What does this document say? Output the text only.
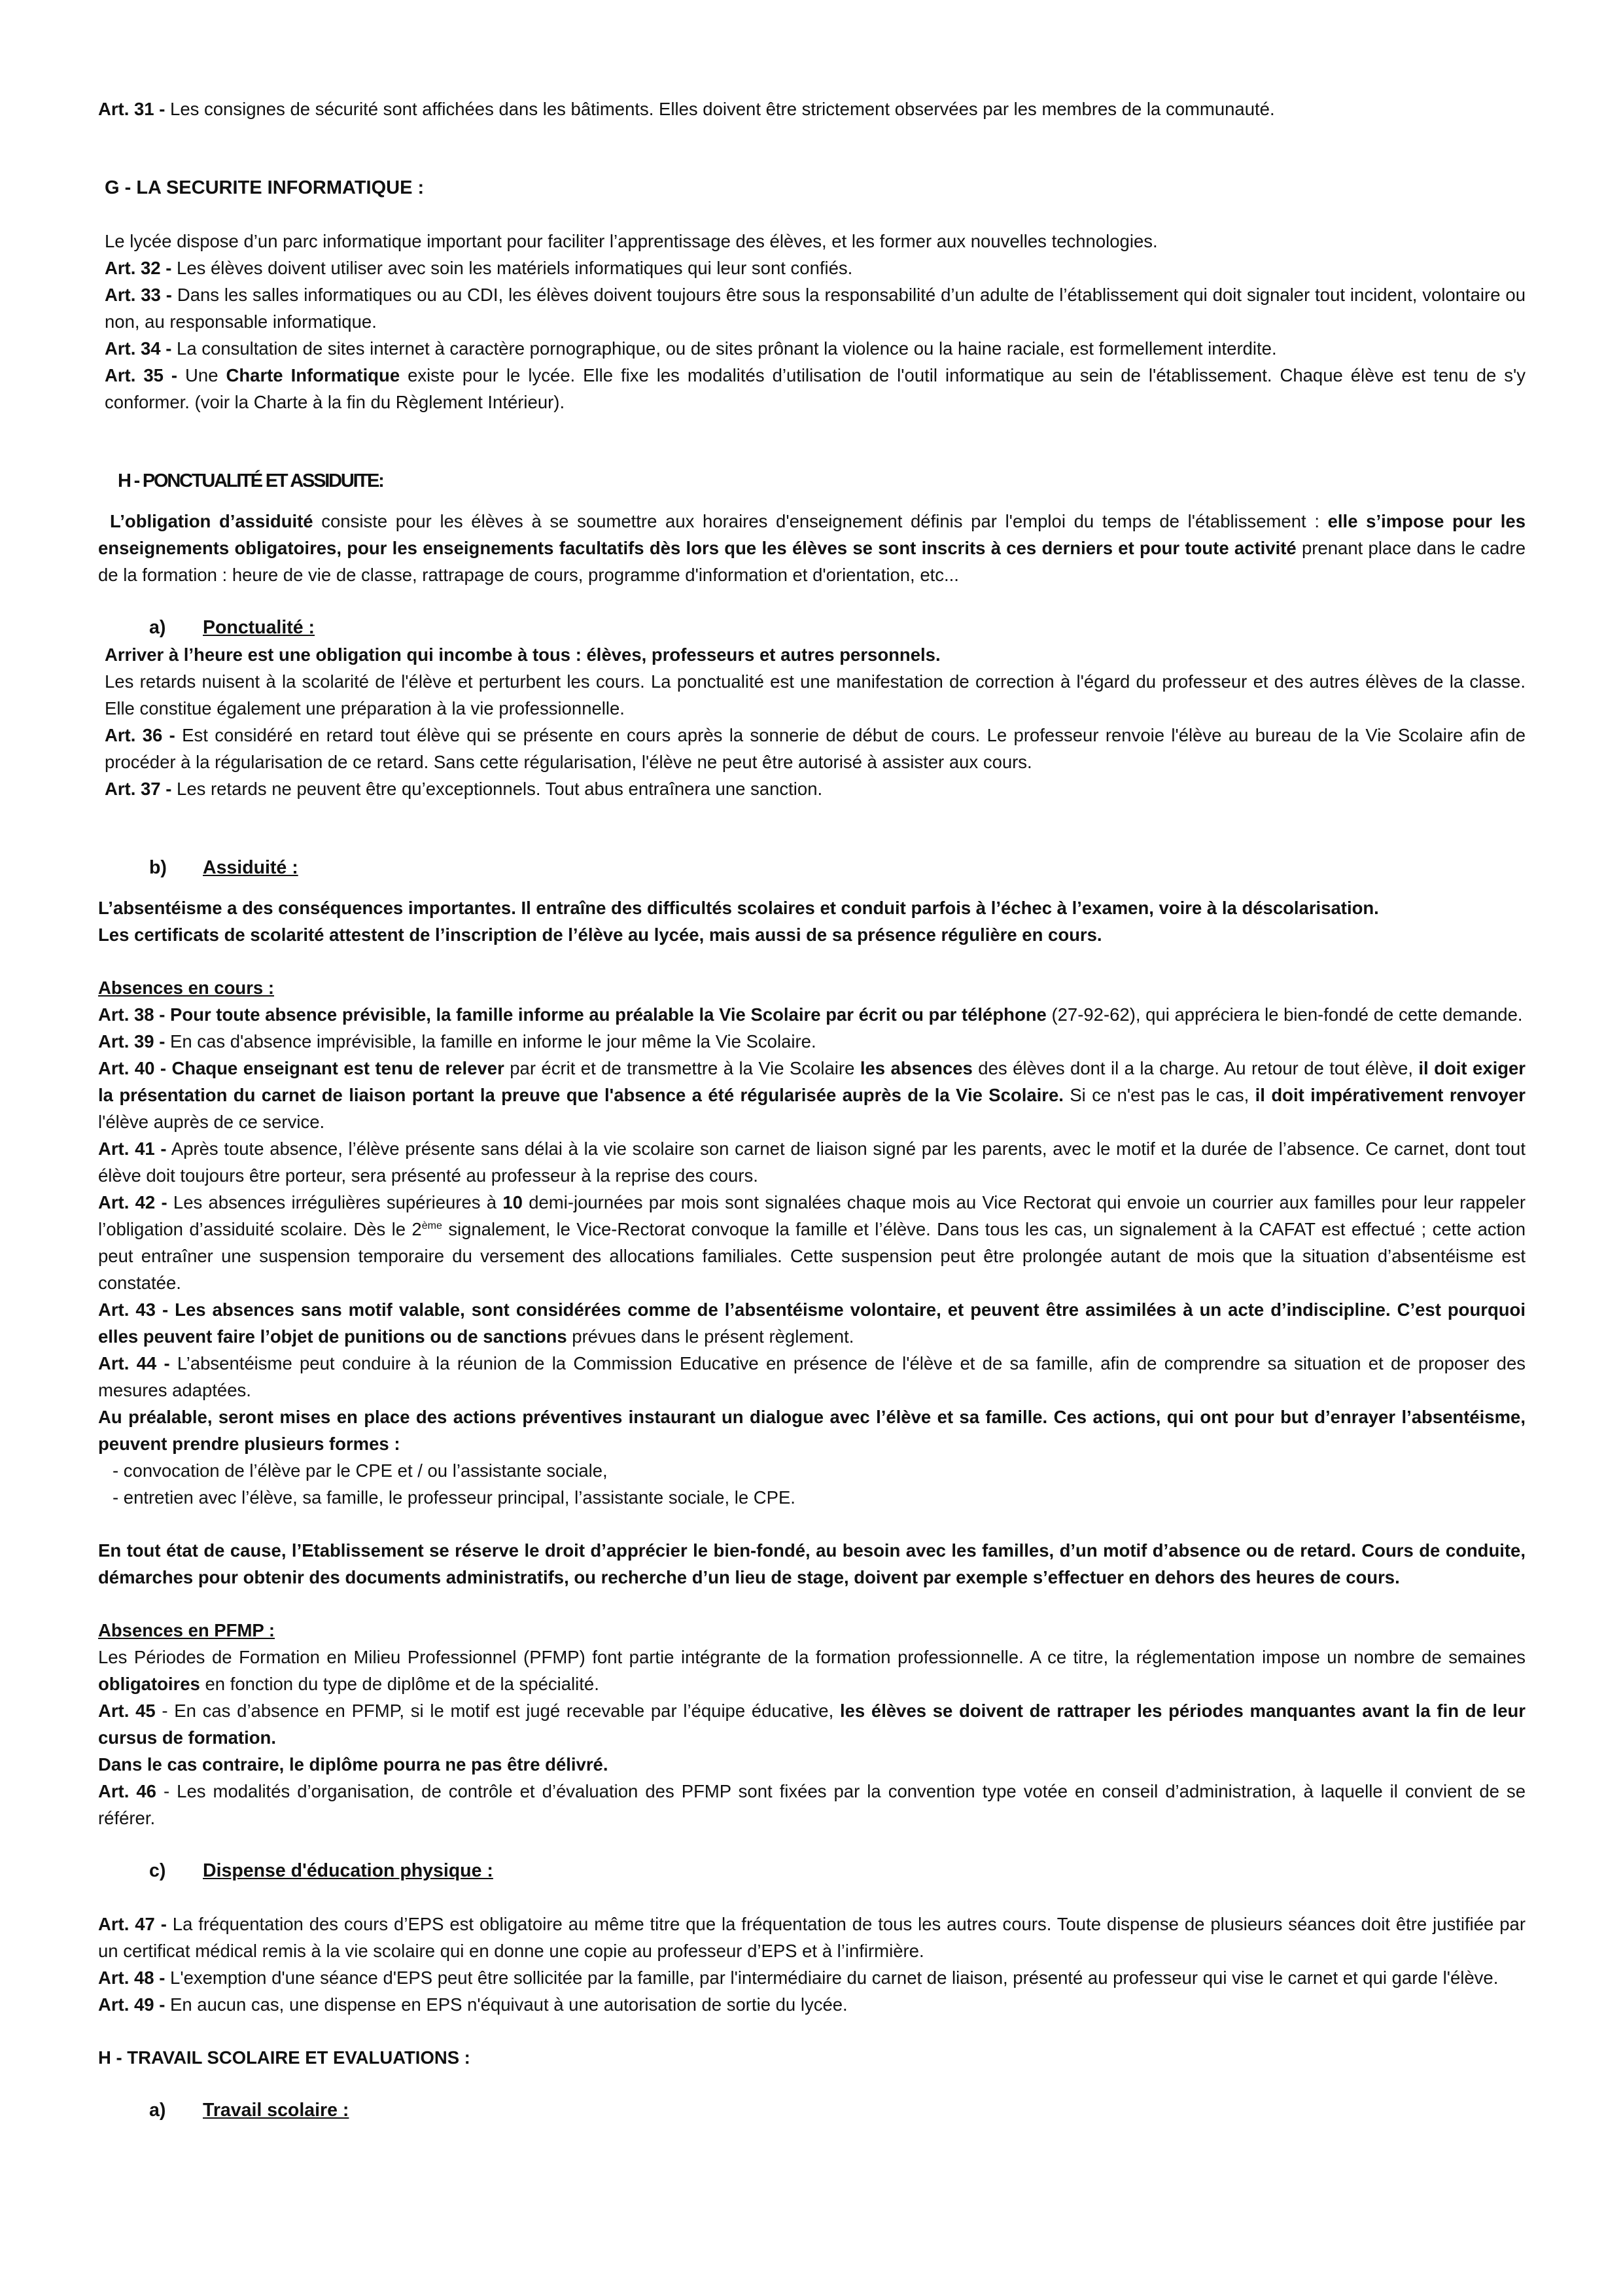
Art. 31 - Les consignes de sécurité sont affichées dans les bâtiments. Elles doivent être strictement observées par les membres de la communauté.

G - LA SECURITE INFORMATIQUE :

Le lycée dispose d’un parc informatique important pour faciliter l’apprentissage des élèves, et les former aux nouvelles technologies.

Art. 32 - Les élèves doivent utiliser avec soin les matériels informatiques qui leur sont confiés.

Art. 33 - Dans les salles informatiques ou au CDI, les élèves doivent toujours être sous la responsabilité d’un adulte de l’établissement qui doit signaler tout incident, volontaire ou non, au responsable informatique.

Art. 34 - La consultation de sites internet à caractère pornographique, ou de sites prônant la violence ou la haine raciale, est formellement interdite.

Art. 35 - Une Charte Informatique existe pour le lycée. Elle fixe les modalités d’utilisation de l'outil informatique au sein de l'établissement. Chaque élève est tenu de s'y conformer. (voir la Charte à la fin du Règlement Intérieur).

H - PONCTUALITÉ ET ASSIDUITE:

L’obligation d’assiduité consiste pour les élèves à se soumettre aux horaires d'enseignement définis par l'emploi du temps de l'établissement : elle s’impose pour les enseignements obligatoires, pour les enseignements facultatifs dès lors que les élèves se sont inscrits à ces derniers et pour toute activité prenant place dans le cadre de la formation : heure de vie de classe, rattrapage de cours, programme d'information et d'orientation, etc...

a) Ponctualité :

Arriver à l’heure est une obligation qui incombe à tous : élèves, professeurs et autres personnels.

Les retards nuisent à la scolarité de l'élève et perturbent les cours. La ponctualité est une manifestation de correction à l'égard du professeur et des autres élèves de la classe. Elle constitue également une préparation à la vie professionnelle.

Art. 36 - Est considéré en retard tout élève qui se présente en cours après la sonnerie de début de cours. Le professeur renvoie l'élève au bureau de la Vie Scolaire afin de procéder à la régularisation de ce retard. Sans cette régularisation, l'élève ne peut être autorisé à assister aux cours.

Art. 37 - Les retards ne peuvent être qu’exceptionnels. Tout abus entraînera une sanction.

b) Assiduité :

L’absentéisme a des conséquences importantes. Il entraîne des difficultés scolaires et conduit parfois à l’échec à l’examen, voire à la déscolarisation.

Les certificats de scolarité attestent de l’inscription de l’élève au lycée, mais aussi de sa présence régulière en cours.

Absences en cours :

Art. 38 - Pour toute absence prévisible, la famille informe au préalable la Vie Scolaire par écrit ou par téléphone (27-92-62), qui appréciera le bien-fondé de cette demande.

Art. 39 - En cas d'absence imprévisible, la famille en informe le jour même la Vie Scolaire.

Art. 40 - Chaque enseignant est tenu de relever par écrit et de transmettre à la Vie Scolaire les absences des élèves dont il a la charge. Au retour de tout élève, il doit exiger la présentation du carnet de liaison portant la preuve que l'absence a été régularisée auprès de la Vie Scolaire. Si ce n'est pas le cas, il doit impérativement renvoyer l'élève auprès de ce service.

Art. 41 - Après toute absence, l’élève présente sans délai à la vie scolaire son carnet de liaison signé par les parents, avec le motif et la durée de l’absence. Ce carnet, dont tout élève doit toujours être porteur, sera présenté au professeur à la reprise des cours.

Art. 42 - Les absences irrégulières supérieures à 10 demi-journées par mois sont signalées chaque mois au Vice Rectorat qui envoie un courrier aux familles pour leur rappeler l’obligation d’assiduité scolaire. Dès le 2ème signalement, le Vice-Rectorat convoque la famille et l’élève. Dans tous les cas, un signalement à la CAFAT est effectué ; cette action peut entraîner une suspension temporaire du versement des allocations familiales. Cette suspension peut être prolongée autant de mois que la situation d’absentéisme est constatée.

Art. 43 - Les absences sans motif valable, sont considérées comme de l’absentéisme volontaire, et peuvent être assimilées à un acte d’indiscipline. C’est pourquoi elles peuvent faire l’objet de punitions ou de sanctions prévues dans le présent règlement.

Art. 44 - L’absentéisme peut conduire à la réunion de la Commission Educative en présence de l'élève et de sa famille, afin de comprendre sa situation et de proposer des mesures adaptées.

Au préalable, seront mises en place des actions préventives instaurant un dialogue avec l’élève et sa famille. Ces actions, qui ont pour but d’enrayer l’absentéisme, peuvent prendre plusieurs formes :

- convocation de l’élève par le CPE et / ou l’assistante sociale,

- entretien avec l’élève, sa famille, le professeur principal, l’assistante sociale, le CPE.

En tout état de cause, l’Etablissement se réserve le droit d’apprécier le bien-fondé, au besoin avec les familles, d’un motif d’absence ou de retard. Cours de conduite, démarches pour obtenir des documents administratifs, ou recherche d’un lieu de stage, doivent par exemple s’effectuer en dehors des heures de cours.

Absences en PFMP :

Les Périodes de Formation en Milieu Professionnel (PFMP) font partie intégrante de la formation professionnelle. A ce titre, la réglementation impose un nombre de semaines obligatoires en fonction du type de diplôme et de la spécialité.

Art. 45 - En cas d’absence en PFMP, si le motif est jugé recevable par l’équipe éducative, les élèves se doivent de rattraper les périodes manquantes avant la fin de leur cursus de formation.

Dans le cas contraire, le diplôme pourra ne pas être délivré.

Art. 46 - Les modalités d’organisation, de contrôle et d’évaluation des PFMP sont fixées par la convention type votée en conseil d’administration, à laquelle il convient de se référer.

c) Dispense d'éducation physique :

Art. 47 - La fréquentation des cours d’EPS est obligatoire au même titre que la fréquentation de tous les autres cours. Toute dispense de plusieurs séances doit être justifiée par un certificat médical remis à la vie scolaire qui en donne une copie au professeur d’EPS et à l’infirmière.

Art. 48 - L'exemption d'une séance d'EPS peut être sollicitée par la famille, par l'intermédiaire du carnet de liaison, présenté au professeur qui vise le carnet et qui garde l'élève.

Art. 49 - En aucun cas, une dispense en EPS n'équivaut à une autorisation de sortie du lycée.

H - TRAVAIL SCOLAIRE ET EVALUATIONS :

a) Travail scolaire :
